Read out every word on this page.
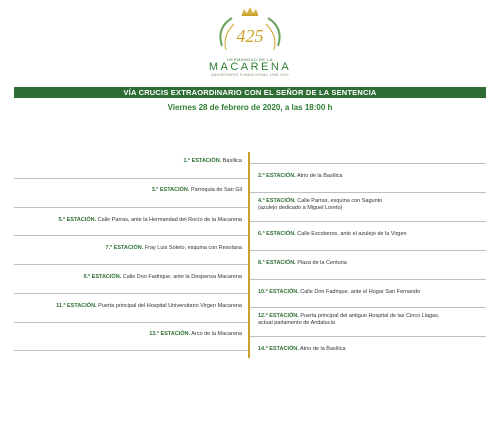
425
HERMANDAD DE LA
MACARENA
ANIVERSARIO FUNDACIONAL 1595-2020
VÍA CRUCIS EXTRAORDINARIO CON EL SEÑOR DE LA SENTENCIA
Viernes 28 de febrero de 2020, a las 18:00 h
1.ª ESTACIÓN. Basílica
3.ª ESTACIÓN. Parroquia de San Gil
5.ª ESTACIÓN. Calle Parras, ante la Hermandad del Rocío de la Macarena
7.ª ESTACIÓN. Fray Luis Sotelo, esquina con Resolana
9.ª ESTACIÓN. Calle Don Fadrique, ante la Despensa Macarena
11.ª ESTACIÓN. Puerta principal del Hospital Universitario Virgen Macarena
13.ª ESTACIÓN. Arco de la Macarena
2.ª ESTACIÓN. Atrio de la Basílica
4.ª ESTACIÓN. Calle Parras, esquina con Sagunto
(azulejo dedicado a Miguel Loreto)
6.ª ESTACIÓN. Calle Escoberos, ante el azulejo de la Virgen
8.ª ESTACIÓN. Plaza de la Centuria
10.ª ESTACIÓN. Calle Don Fadrique, ante el Hogar San Fernando
12.ª ESTACIÓN. Puerta principal del antiguo Hospital de las Cinco Llagas,
actual parlamento de Andalucía
14.ª ESTACIÓN. Atrio de la Basílica
